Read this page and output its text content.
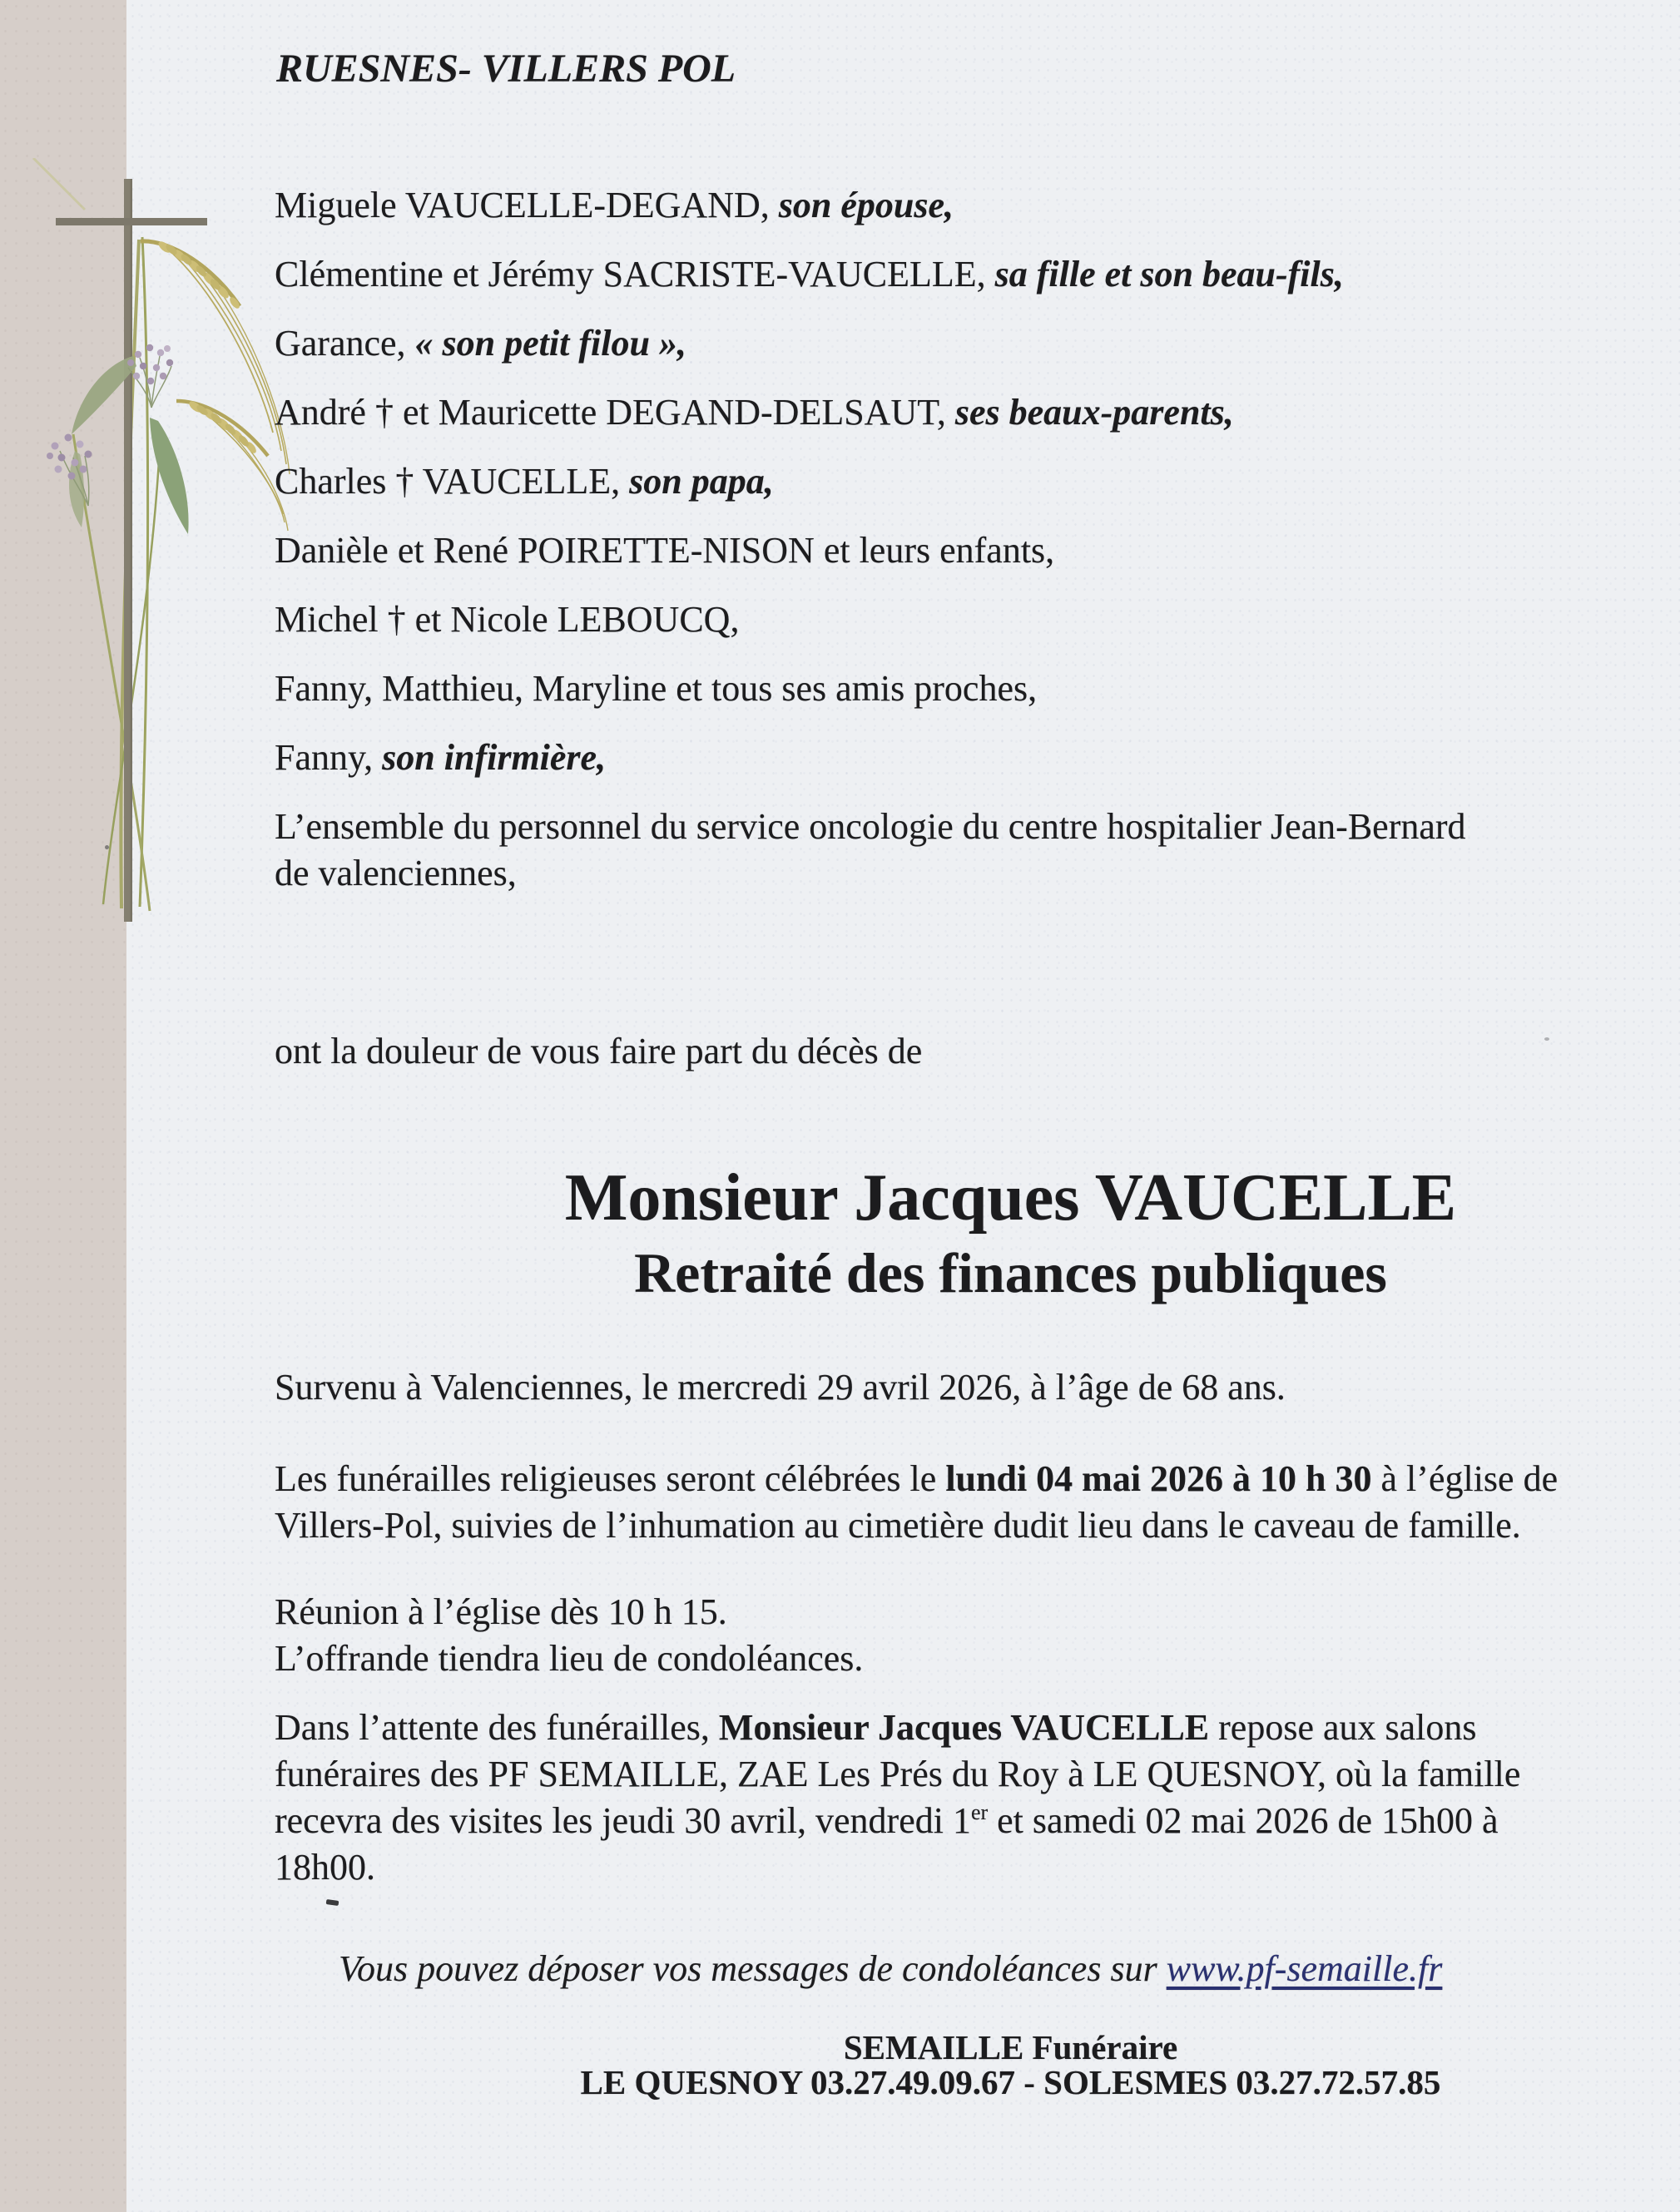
RUESNES- VILLERS POL

Miguele VAUCELLE-DEGAND, son épouse,

Clémentine et Jérémy SACRISTE-VAUCELLE, sa fille et son beau-fils,

Garance, « son petit filou »,

André † et Mauricette DEGAND-DELSAUT, ses beaux-parents,

Charles † VAUCELLE, son papa,

Danièle et René POIRETTE-NISON et leurs enfants,

Michel † et Nicole LEBOUCQ,

Fanny, Matthieu, Maryline et tous ses amis proches,

Fanny, son infirmière,

L’ensemble du personnel du service oncologie du centre hospitalier Jean-Bernard

de valenciennes,

ont la douleur de vous faire part du décès de

Monsieur Jacques VAUCELLE

Retraité des finances publiques

Survenu à Valenciennes, le mercredi 29 avril 2026, à l’âge de 68 ans.

Les funérailles religieuses seront célébrées le lundi 04 mai 2026 à 10 h 30 à l’église de

Villers-Pol, suivies de l’inhumation au cimetière dudit lieu dans le caveau de famille.

Réunion à l’église dès 10 h 15.

L’offrande tiendra lieu de condoléances.

Dans l’attente des funérailles, Monsieur Jacques VAUCELLE repose aux salons

funéraires des PF SEMAILLE, ZAE Les Prés du Roy à LE QUESNOY, où la famille

recevra des visites les jeudi 30 avril, vendredi 1er et samedi 02 mai 2026 de 15h00 à

18h00.

Vous pouvez déposer vos messages de condoléances sur www.pf-semaille.fr

SEMAILLE Funéraire

LE QUESNOY 03.27.49.09.67 - SOLESMES 03.27.72.57.85
